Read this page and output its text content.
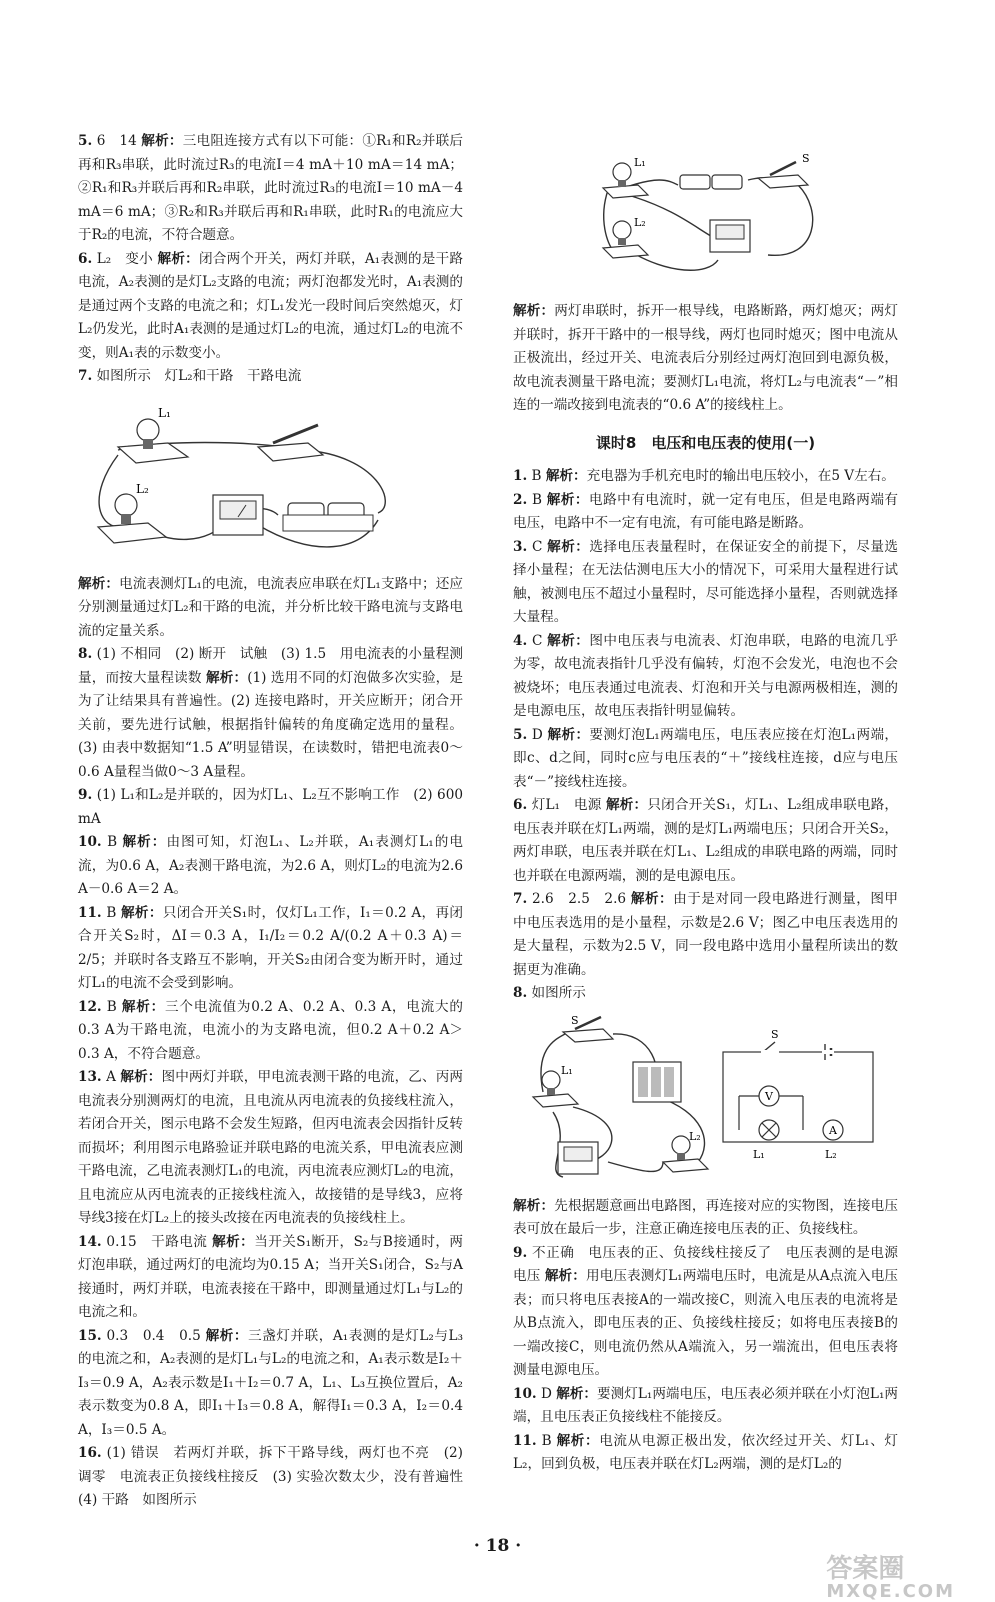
5. 6　14 解析：三电阻连接方式有以下可能：①R₁和R₂并联后再和R₃串联，此时流过R₃的电流I＝4 mA＋10 mA＝14 mA；②R₁和R₃并联后再和R₂串联，此时流过R₃的电流I＝10 mA－4 mA＝6 mA；③R₂和R₃并联后再和R₁串联，此时R₁的电流应大于R₂的电流，不符合题意。

6. L₂　变小 解析：闭合两个开关，两灯并联，A₁表测的是干路电流，A₂表测的是灯L₂支路的电流；两灯泡都发光时，A₁表测的是通过两个支路的电流之和；灯L₁发光一段时间后突然熄灭，灯L₂仍发光，此时A₁表测的是通过灯L₂的电流，通过灯L₂的电流不变，则A₁表的示数变小。

7. 如图所示　灯L₂和干路　干路电流

L₁
L₂

解析：电流表测灯L₁的电流，电流表应串联在灯L₁支路中；还应分别测量通过灯L₂和干路的电流，并分析比较干路电流与支路电流的定量关系。

8. (1) 不相同　(2) 断开　试触　(3) 1.5　用电流表的小量程测量，而按大量程读数 解析：(1) 选用不同的灯泡做多次实验，是为了让结果具有普遍性。(2) 连接电路时，开关应断开；闭合开关前，要先进行试触，根据指针偏转的角度确定选用的量程。(3) 由表中数据知“1.5 A”明显错误，在读数时，错把电流表0～0.6 A量程当做0～3 A量程。

9. (1) L₁和L₂是并联的，因为灯L₁、L₂互不影响工作　(2) 600 mA

10. B 解析：由图可知，灯泡L₁、L₂并联，A₁表测灯L₁的电流，为0.6 A，A₂表测干路电流，为2.6 A，则灯L₂的电流为2.6 A－0.6 A＝2 A。

11. B 解析：只闭合开关S₁时，仅灯L₁工作，I₁＝0.2 A，再闭合开关S₂时，ΔI＝0.3 A，I₁/I₂＝0.2 A/(0.2 A＋0.3 A)＝2/5；并联时各支路互不影响，开关S₂由闭合变为断开时，通过灯L₁的电流不会受到影响。

12. B 解析：三个电流值为0.2 A、0.2 A、0.3 A，电流大的0.3 A为干路电流，电流小的为支路电流，但0.2 A＋0.2 A＞0.3 A，不符合题意。

13. A 解析：图中两灯并联，甲电流表测干路的电流，乙、丙两电流表分别测两灯的电流，且电流从丙电流表的负接线柱流入，若闭合开关，图示电路不会发生短路，但丙电流表会因指针反转而损坏；利用图示电路验证并联电路的电流关系，甲电流表应测干路电流，乙电流表测灯L₁的电流，丙电流表应测灯L₂的电流，且电流应从丙电流表的正接线柱流入，故接错的是导线3，应将导线3接在灯L₂上的接头改接在丙电流表的负接线柱上。

14. 0.15　干路电流 解析：当开关S₁断开，S₂与B接通时，两灯泡串联，通过两灯的电流均为0.15 A；当开关S₁闭合，S₂与A接通时，两灯并联，电流表接在干路中，即测量通过灯L₁与L₂的电流之和。

15. 0.3　0.4　0.5 解析：三盏灯并联，A₁表测的是灯L₂与L₃的电流之和，A₂表测的是灯L₁与L₂的电流之和，A₁表示数是I₂＋I₃＝0.9 A，A₂表示数是I₁＋I₂＝0.7 A，L₁、L₃互换位置后，A₂表示数变为0.8 A，即I₁＋I₃＝0.8 A，解得I₁＝0.3 A，I₂＝0.4 A，I₃＝0.5 A。

16. (1) 错误　若两灯并联，拆下干路导线，两灯也不亮　(2) 调零　电流表正负接线柱接反　(3) 实验次数太少，没有普遍性　(4) 干路　如图所示

L₁
L₂
S

解析：两灯串联时，拆开一根导线，电路断路，两灯熄灭；两灯并联时，拆开干路中的一根导线，两灯也同时熄灭；图中电流从正极流出，经过开关、电流表后分别经过两灯泡回到电源负极，故电流表测量干路电流；要测灯L₁电流，将灯L₂与电流表“－”相连的一端改接到电流表的“0.6 A”的接线柱上。

课时8　电压和电压表的使用(一)

1. B 解析：充电器为手机充电时的输出电压较小，在5 V左右。

2. B 解析：电路中有电流时，就一定有电压，但是电路两端有电压，电路中不一定有电流，有可能电路是断路。

3. C 解析：选择电压表量程时，在保证安全的前提下，尽量选择小量程；在无法估测电压大小的情况下，可采用大量程进行试触，被测电压不超过小量程时，尽可能选择小量程，否则就选择大量程。

4. C 解析：图中电压表与电流表、灯泡串联，电路的电流几乎为零，故电流表指针几乎没有偏转，灯泡不会发光，电泡也不会被烧坏；电压表通过电流表、灯泡和开关与电源两极相连，测的是电源电压，故电压表指针明显偏转。

5. D 解析：要测灯泡L₁两端电压，电压表应接在灯泡L₁两端，即c、d之间，同时c应与电压表的“＋”接线柱连接，d应与电压表“－”接线柱连接。

6. 灯L₁　电源 解析：只闭合开关S₁，灯L₁、L₂组成串联电路，电压表并联在灯L₁两端，测的是灯L₁两端电压；只闭合开关S₂，两灯串联，电压表并联在灯L₁、L₂组成的串联电路的两端，同时也并联在电源两端，测的是电源电压。

7. 2.6　2.5　2.6 解析：由于是对同一段电路进行测量，图甲中电压表选用的是小量程，示数是2.6 V；图乙中电压表选用的是大量程，示数为2.5 V，同一段电路中选用小量程所读出的数据更为准确。

8. 如图所示

S
L₁
L₂
S
V
A
L₁	L₂

解析：先根据题意画出电路图，再连接对应的实物图，连接电压表可放在最后一步，注意正确连接电压表的正、负接线柱。

9. 不正确　电压表的正、负接线柱接反了　电压表测的是电源电压 解析：用电压表测灯L₁两端电压时，电流是从A点流入电压表；而只将电压表接A的一端改接C，则流入电压表的电流将是从B点流入，即电压表的正、负接线柱接反；如将电压表接B的一端改接C，则电流仍然从A端流入，另一端流出，但电压表将测量电源电压。

10. D 解析：要测灯L₁两端电压，电压表必须并联在小灯泡L₁两端，且电压表正负接线柱不能接反。

11. B 解析：电流从电源正极出发，依次经过开关、灯L₁、灯L₂，回到负极，电压表并联在灯L₂两端，测的是灯L₂的

· 18 ·
答案圈
MXQE.COM
